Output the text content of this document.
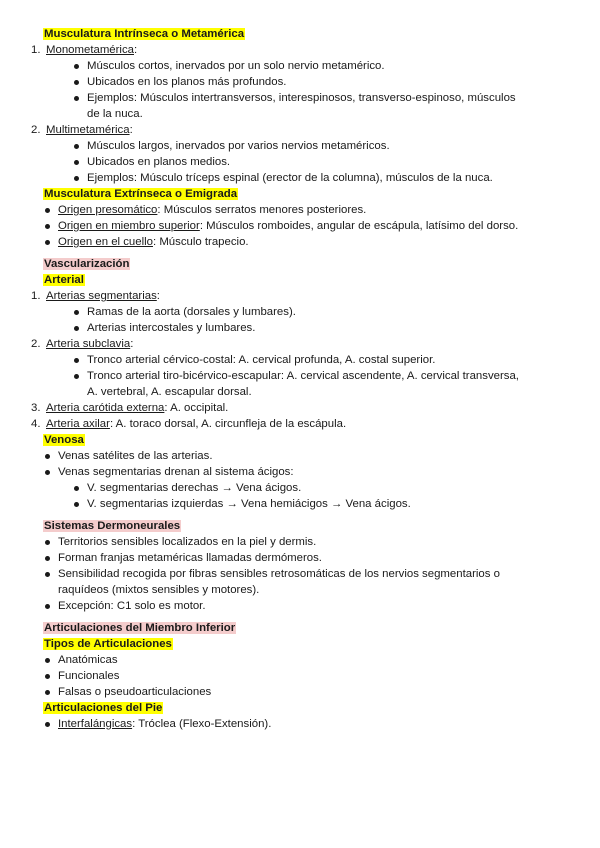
Musculatura Intrínseca o Metamérica
1. Monometamérica:
Músculos cortos, inervados por un solo nervio metamérico.
Ubicados en los planos más profundos.
Ejemplos: Músculos intertransversos, interespinosos, transverso-espinoso, músculos
de la nuca.
2. Multimetamérica:
Músculos largos, inervados por varios nervios metaméricos.
Ubicados en planos medios.
Ejemplos: Músculo tríceps espinal (erector de la columna), músculos de la nuca.
Musculatura Extrínseca o Emigrada
Origen presomático: Músculos serratos menores posteriores.
Origen en miembro superior: Músculos romboides, angular de escápula, latísimo del dorso.
Origen en el cuello: Músculo trapecio.
Vascularización
Arterial
1. Arterias segmentarias:
Ramas de la aorta (dorsales y lumbares).
Arterias intercostales y lumbares.
2. Arteria subclavia:
Tronco arterial cérvico-costal: A. cervical profunda, A. costal superior.
Tronco arterial tiro-bicérvico-escapular: A. cervical ascendente, A. cervical transversa,
A. vertebral, A. escapular dorsal.
3. Arteria carótida externa: A. occipital.
4. Arteria axilar: A. toraco dorsal, A. circunfleja de la escápula.
Venosa
Venas satélites de las arterias.
Venas segmentarias drenan al sistema ácigos:
V. segmentarias derechas → Vena ácigos.
V. segmentarias izquierdas → Vena hemiácigos → Vena ácigos.
Sistemas Dermoneurales
Territorios sensibles localizados en la piel y dermis.
Forman franjas metaméricas llamadas dermómeros.
Sensibilidad recogida por fibras sensibles retrosomáticas de los nervios segmentarios o
raquídeos (mixtos sensibles y motores).
Excepción: C1 solo es motor.
Articulaciones del Miembro Inferior
Tipos de Articulaciones
Anatómicas
Funcionales
Falsas o pseudoarticulaciones
Articulaciones del Pie
Interfalángicas: Tróclea (Flexo-Extensión).
